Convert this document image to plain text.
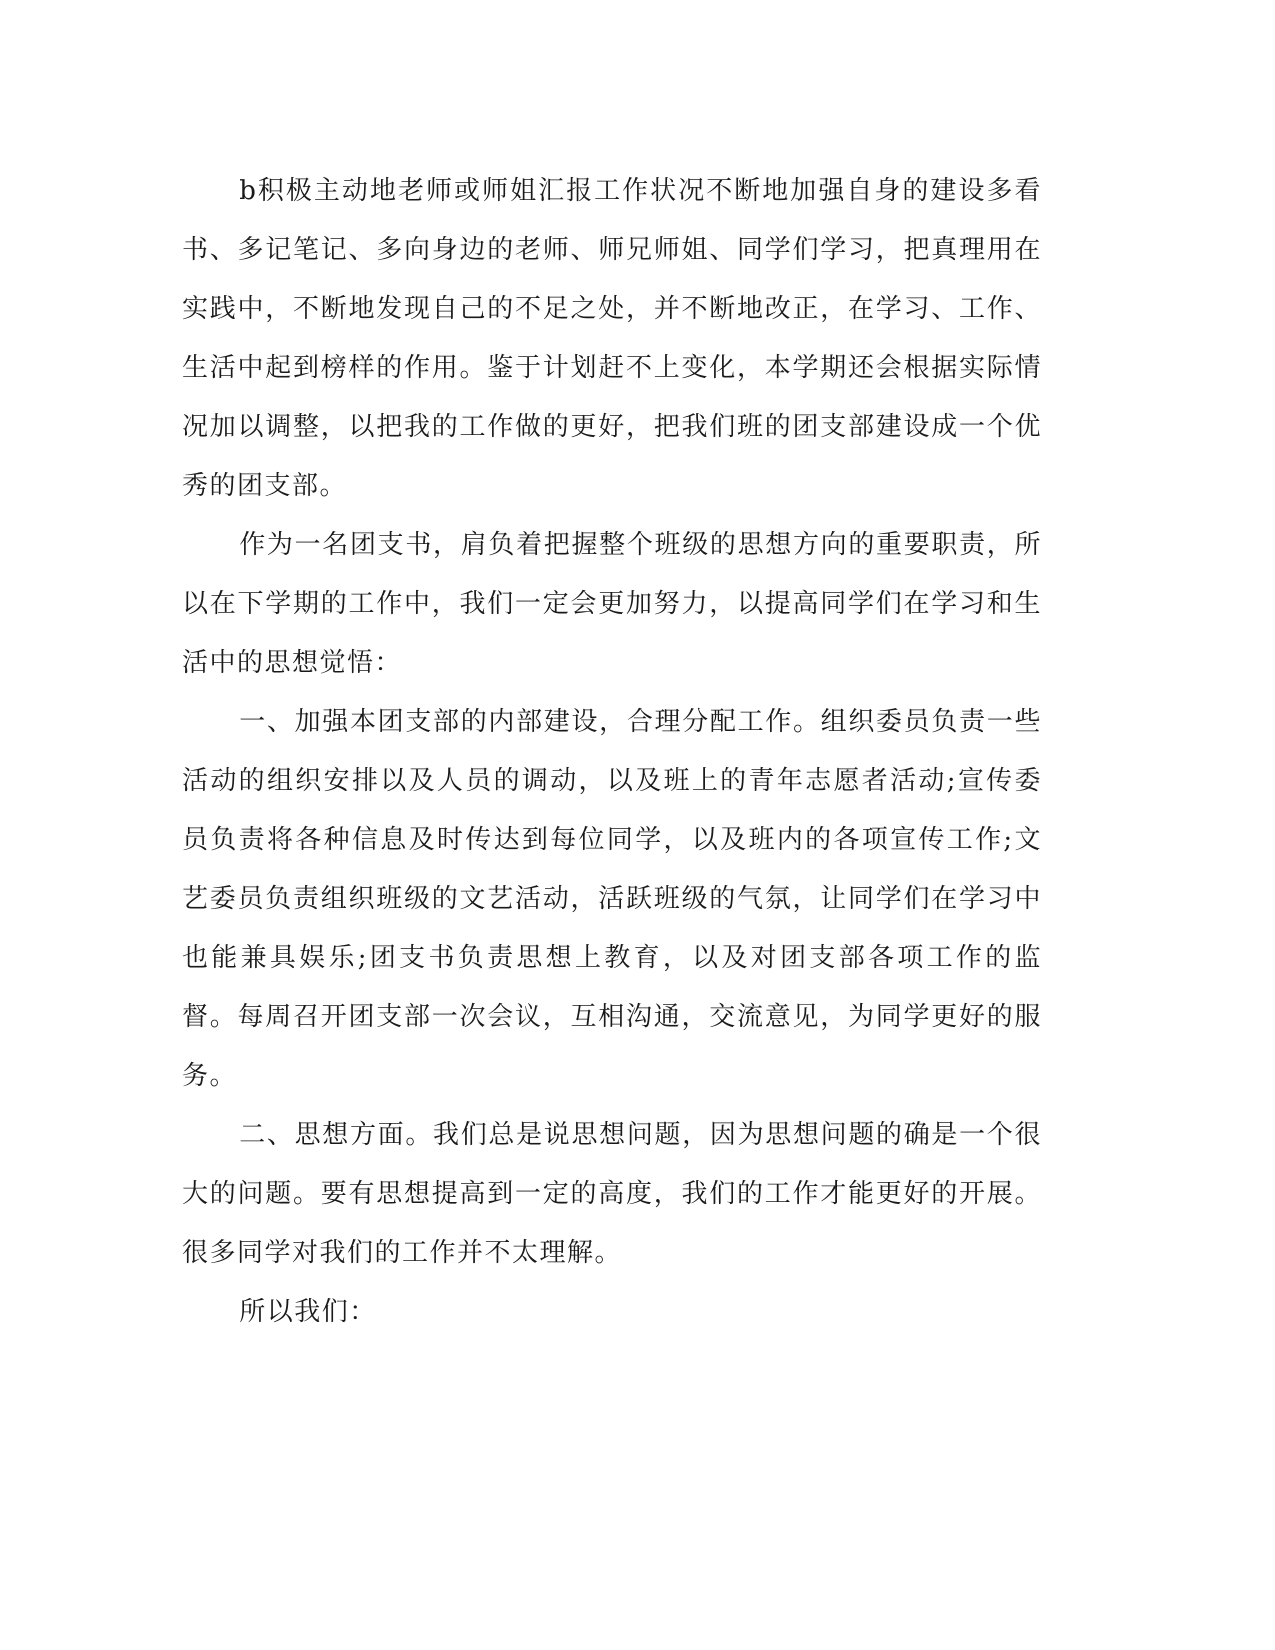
b积极主动地老师或师姐汇报工作状况不断地加强自身的建设多看书、多记笔记、多向身边的老师、师兄师姐、同学们学习，把真理用在实践中，不断地发现自己的不足之处，并不断地改正，在学习、工作、生活中起到榜样的作用。鉴于计划赶不上变化，本学期还会根据实际情况加以调整，以把我的工作做的更好，把我们班的团支部建设成一个优秀的团支部。

作为一名团支书，肩负着把握整个班级的思想方向的重要职责，所以在下学期的工作中，我们一定会更加努力，以提高同学们在学习和生活中的思想觉悟：

一、加强本团支部的内部建设，合理分配工作。组织委员负责一些活动的组织安排以及人员的调动，以及班上的青年志愿者活动;宣传委员负责将各种信息及时传达到每位同学，以及班内的各项宣传工作;文艺委员负责组织班级的文艺活动，活跃班级的气氛，让同学们在学习中也能兼具娱乐;团支书负责思想上教育，以及对团支部各项工作的监督。每周召开团支部一次会议，互相沟通，交流意见，为同学更好的服务。

二、思想方面。我们总是说思想问题，因为思想问题的确是一个很大的问题。要有思想提高到一定的高度，我们的工作才能更好的开展。很多同学对我们的工作并不太理解。

所以我们：
